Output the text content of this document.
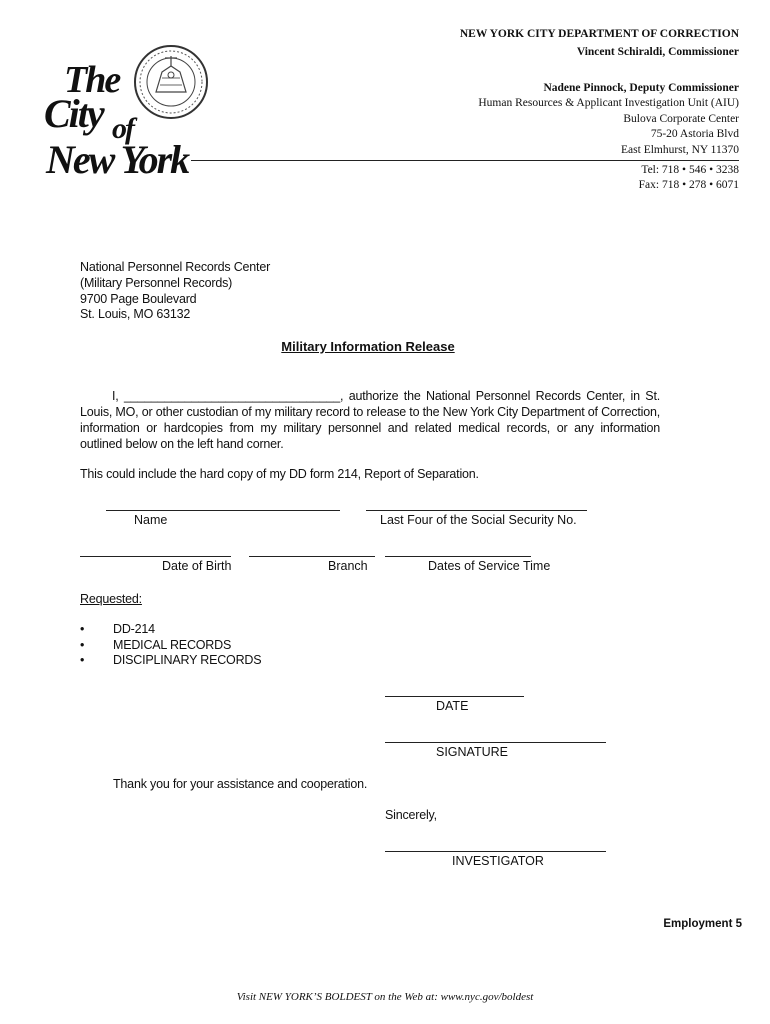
The
City of
New York
NEW YORK CITY DEPARTMENT OF CORRECTION
Vincent Schiraldi, Commissioner
Nadene Pinnock, Deputy Commissioner
Human Resources & Applicant Investigation Unit (AIU)
Bulova Corporate Center
75-20 Astoria Blvd
East Elmhurst, NY 11370
Tel: 718 • 546 • 3238
Fax: 718 • 278 • 6071
National Personnel Records Center
(Military Personnel Records)
9700 Page Boulevard
St. Louis, MO 63132
Military Information Release
I, ________________________________, authorize the National Personnel Records Center, in St. Louis, MO, or other custodian of my military record to release to the New York City Department of Correction, information or hardcopies from my military personnel and related medical records, or any information outlined below on the left hand corner.
This could include the hard copy of my DD form 214, Report of Separation.
Name	Last Four of the Social Security No.
Date of Birth	Branch	Dates of Service Time
Requested:
• DD-214
• MEDICAL RECORDS
• DISCIPLINARY RECORDS
DATE
SIGNATURE
Thank you for your assistance and cooperation.
Sincerely,
INVESTIGATOR
Employment 5
Visit NEW YORK’S BOLDEST on the Web at: www.nyc.gov/boldest
